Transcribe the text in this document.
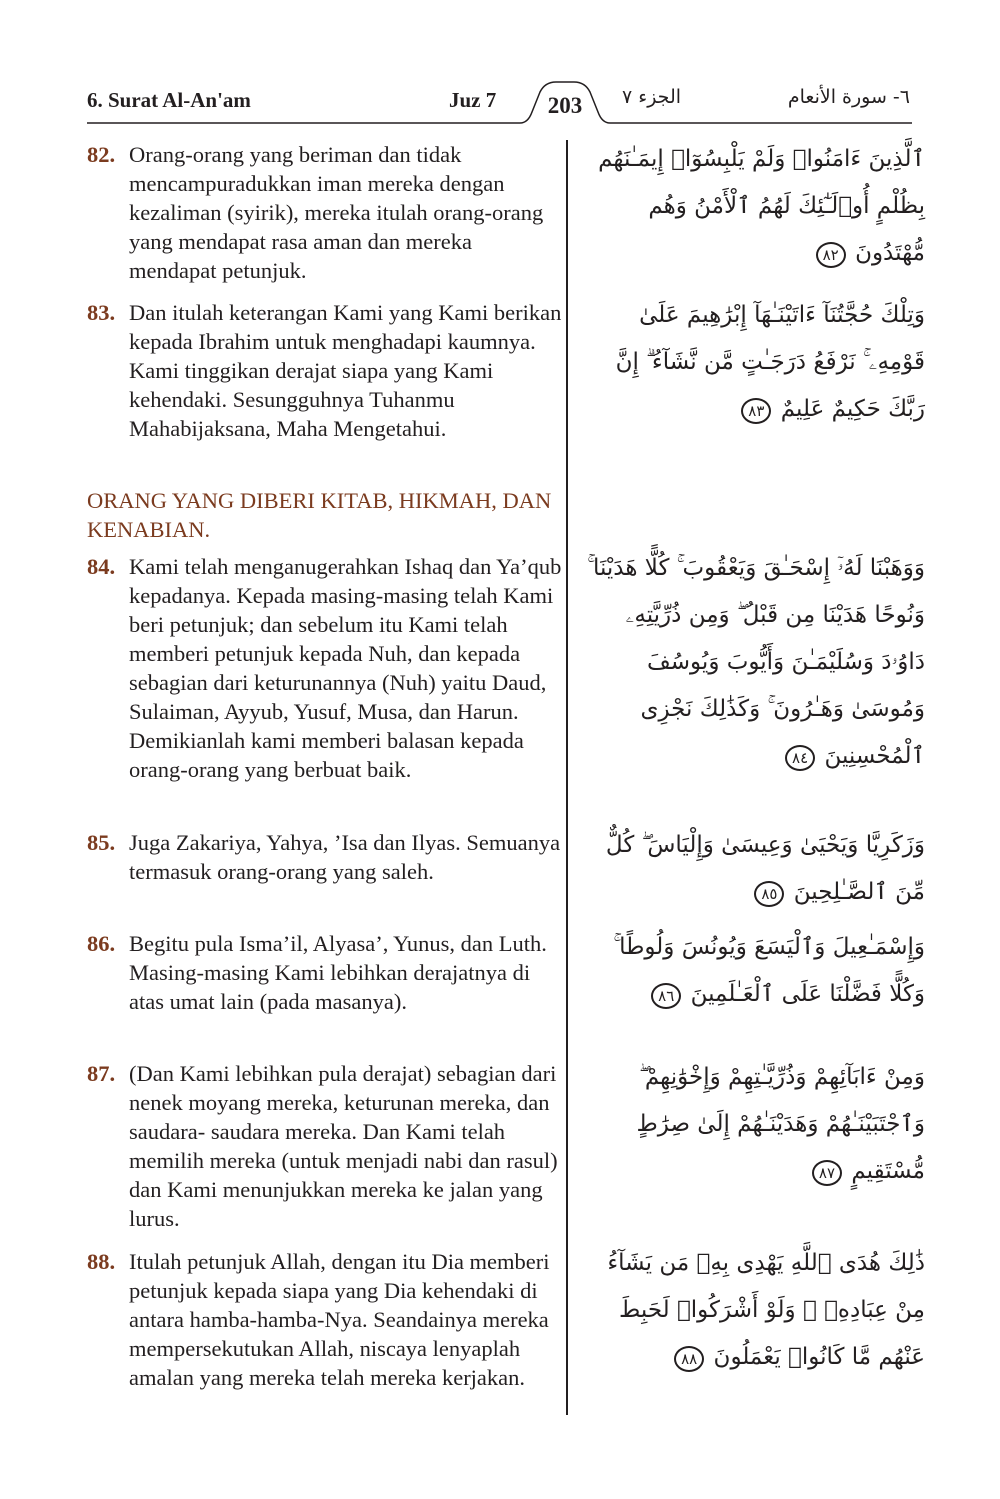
6. Surat Al-An'am	Juz 7	203	الجزء ٧	٦- سورة الأنعام
82. Orang-orang yang beriman dan tidak mencampuradukkan iman mereka dengan kezaliman (syirik), mereka itulah orang-orang yang mendapat rasa aman dan mereka mendapat petunjuk.
ٱلَّذِينَ ءَامَنُوا۟ وَلَمْ يَلْبِسُوٓا۟ إِيمَـٰنَهُم بِظُلْمٍ أُو۟لَـٰٓئِكَ لَهُمُ ٱلْأَمْنُ وَهُم مُّهْتَدُونَ ٨٢
83. Dan itulah keterangan Kami yang Kami berikan kepada Ibrahim untuk menghadapi kaumnya. Kami tinggikan derajat siapa yang Kami kehendaki. Sesungguhnya Tuhanmu Mahabijaksana, Maha Mengetahui.
وَتِلْكَ حُجَّتُنَآ ءَاتَيْنَـٰهَآ إِبْرَٰهِيمَ عَلَىٰ قَوْمِهِۦ ۚ نَرْفَعُ دَرَجَـٰتٍ مَّن نَّشَآءُ ۗ إِنَّ رَبَّكَ حَكِيمٌ عَلِيمٌ ٨٣
ORANG YANG DIBERI KITAB, HIKMAH, DAN KENABIAN.
84. Kami telah menganugerahkan Ishaq dan Ya’qub kepadanya. Kepada masing-masing telah Kami beri petunjuk; dan sebelum itu Kami telah memberi petunjuk kepada Nuh, dan kepada sebagian dari keturunannya (Nuh) yaitu Daud, Sulaiman, Ayyub, Yusuf, Musa, dan Harun. Demikianlah kami memberi balasan kepada orang-orang yang berbuat baik.
وَوَهَبْنَا لَهُۥٓ إِسْحَـٰقَ وَيَعْقُوبَ ۚ كُلًّا هَدَيْنَا ۚ وَنُوحًا هَدَيْنَا مِن قَبْلُ ۖ وَمِن ذُرِّيَّتِهِۦ دَاوُۥدَ وَسُلَيْمَـٰنَ وَأَيُّوبَ وَيُوسُفَ وَمُوسَىٰ وَهَـٰرُونَ ۚ وَكَذَٰلِكَ نَجْزِى ٱلْمُحْسِنِينَ ٨٤
85. Juga Zakariya, Yahya, ’Isa dan Ilyas. Semuanya termasuk orang-orang yang saleh.
وَزَكَرِيَّا وَيَحْيَىٰ وَعِيسَىٰ وَإِلْيَاسَ ۖ كُلٌّ مِّنَ ٱلصَّـٰلِحِينَ ٨٥
86. Begitu pula Isma’il, Alyasa’, Yunus, dan Luth. Masing-masing Kami lebihkan derajatnya di atas umat lain (pada masanya).
وَإِسْمَـٰعِيلَ وَٱلْيَسَعَ وَيُونُسَ وَلُوطًا ۚ وَكُلًّا فَضَّلْنَا عَلَى ٱلْعَـٰلَمِينَ ٨٦
87. (Dan Kami lebihkan pula derajat) sebagian dari nenek moyang mereka, keturunan mereka, dan saudara- saudara mereka. Dan Kami telah memilih mereka (untuk menjadi nabi dan rasul) dan Kami menunjukkan mereka ke jalan yang lurus.
وَمِنْ ءَابَآئِهِمْ وَذُرِّيَّـٰتِهِمْ وَإِخْوَٰنِهِمْ ۖ وَٱجْتَبَيْنَـٰهُمْ وَهَدَيْنَـٰهُمْ إِلَىٰ صِرَٰطٍ مُّسْتَقِيمٍ ٨٧
88. Itulah petunjuk Allah, dengan itu Dia memberi petunjuk kepada siapa yang Dia kehendaki di antara hamba-hamba-Nya. Seandainya mereka mempersekutukan Allah, niscaya lenyaplah amalan yang mereka telah mereka kerjakan.
ذَٰلِكَ هُدَى ٱللَّهِ يَهْدِى بِهِۦ مَن يَشَآءُ مِنْ عِبَادِهِۦ ۚ وَلَوْ أَشْرَكُوا۟ لَحَبِطَ عَنْهُم مَّا كَانُوا۟ يَعْمَلُونَ ٨٨
